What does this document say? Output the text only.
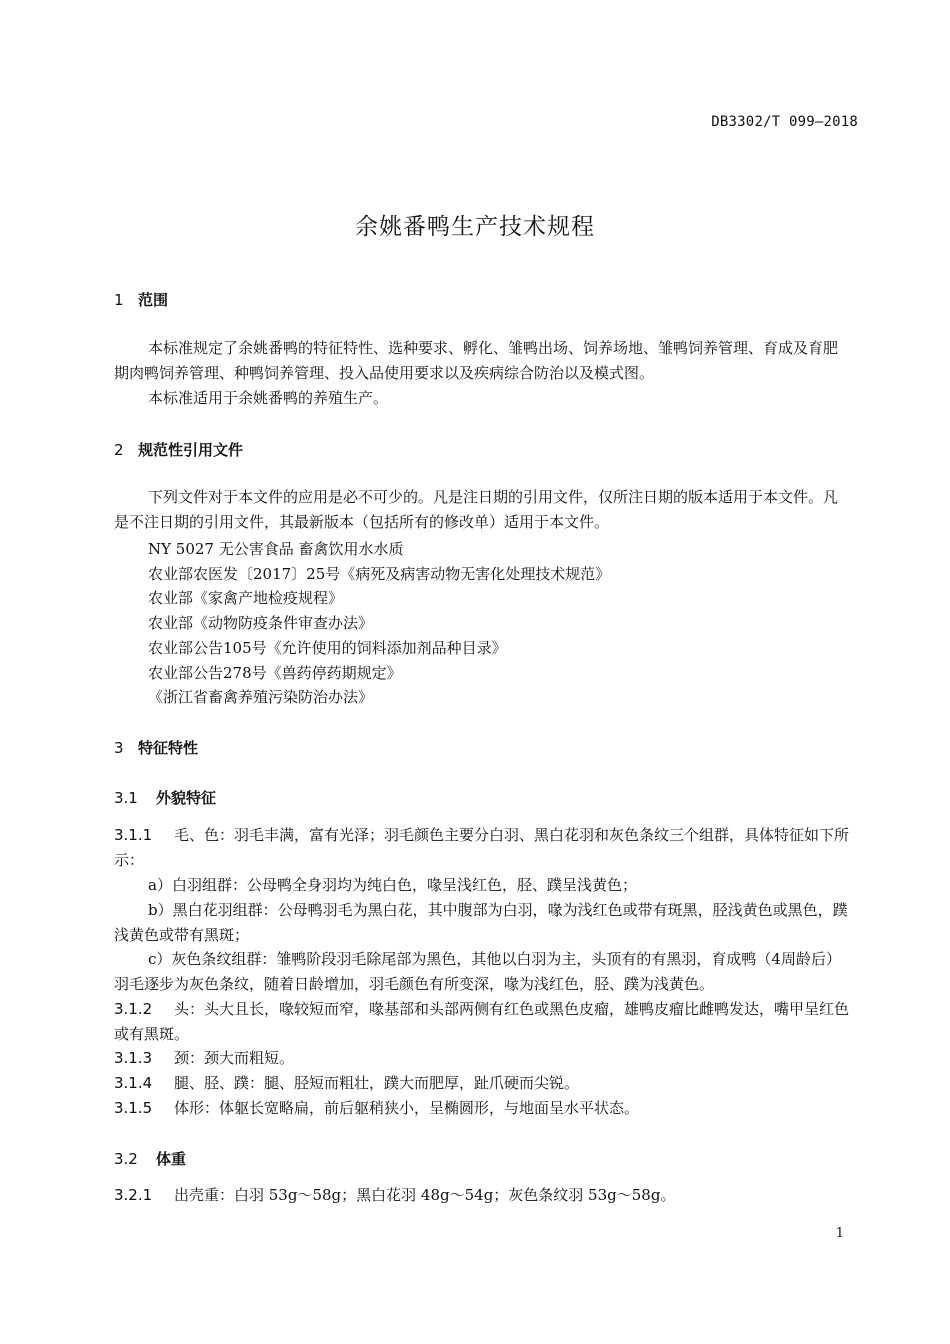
DB3302/T 099—2018
余姚番鸭生产技术规程
1 范围
本标准规定了余姚番鸭的特征特性、选种要求、孵化、雏鸭出场、饲养场地、雏鸭饲养管理、育成及育肥期肉鸭饲养管理、种鸭饲养管理、投入品使用要求以及疾病综合防治以及模式图。
本标准适用于余姚番鸭的养殖生产。
2 规范性引用文件
下列文件对于本文件的应用是必不可少的。凡是注日期的引用文件，仅所注日期的版本适用于本文件。凡是不注日期的引用文件，其最新版本（包括所有的修改单）适用于本文件。
NY 5027 无公害食品 畜禽饮用水水质
农业部农医发〔2017〕25号《病死及病害动物无害化处理技术规范》
农业部《家禽产地检疫规程》
农业部《动物防疫条件审查办法》
农业部公告105号《允许使用的饲料添加剂品种目录》
农业部公告278号《兽药停药期规定》
《浙江省畜禽养殖污染防治办法》
3 特征特性
3.1 外貌特征
3.1.1 毛、色：羽毛丰满，富有光泽；羽毛颜色主要分白羽、黑白花羽和灰色条纹三个组群，具体特征如下所示：
a）白羽组群：公母鸭全身羽均为纯白色，喙呈浅红色，胫、蹼呈浅黄色；
b）黑白花羽组群：公母鸭羽毛为黑白花，其中腹部为白羽，喙为浅红色或带有斑黑，胫浅黄色或黑色，蹼浅黄色或带有黑斑；
c）灰色条纹组群：雏鸭阶段羽毛除尾部为黑色，其他以白羽为主，头顶有的有黑羽，育成鸭（4周龄后）羽毛逐步为灰色条纹，随着日龄增加，羽毛颜色有所变深，喙为浅红色，胫、蹼为浅黄色。
3.1.2 头：头大且长，喙较短而窄，喙基部和头部两侧有红色或黑色皮瘤，雄鸭皮瘤比雌鸭发达，嘴甲呈红色或有黑斑。
3.1.3 颈：颈大而粗短。
3.1.4 腿、胫、蹼：腿、胫短而粗壮，蹼大而肥厚，趾爪硬而尖锐。
3.1.5 体形：体躯长宽略扁，前后躯稍狭小，呈椭圆形，与地面呈水平状态。
3.2 体重
3.2.1 出壳重：白羽 53g～58g；黑白花羽 48g～54g；灰色条纹羽 53g～58g。
1
